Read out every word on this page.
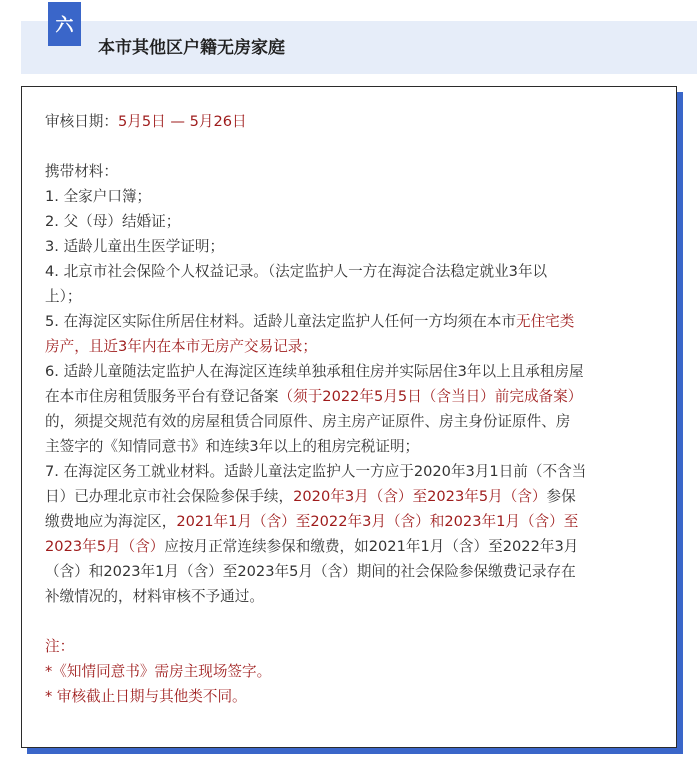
六
本市其他区户籍无房家庭
审核日期：5月5日 — 5月26日
携带材料：
1. 全家户口簿；
2. 父（母）结婚证；
3. 适龄儿童出生医学证明；
4. 北京市社会保险个人权益记录。（法定监护人一方在海淀合法稳定就业3年以
上）；
5. 在海淀区实际住所居住材料。适龄儿童法定监护人任何一方均须在本市无住宅类
房产，且近3年内在本市无房产交易记录；
6. 适龄儿童随法定监护人在海淀区连续单独承租住房并实际居住3年以上且承租房屋
在本市住房租赁服务平台有登记备案（须于2022年5月5日（含当日）前完成备案）
的，须提交规范有效的房屋租赁合同原件、房主房产证原件、房主身份证原件、房
主签字的《知情同意书》和连续3年以上的租房完税证明；
7. 在海淀区务工就业材料。适龄儿童法定监护人一方应于2020年3月1日前（不含当
日）已办理北京市社会保险参保手续，2020年3月（含）至2023年5月（含）参保
缴费地应为海淀区，2021年1月（含）至2022年3月（含）和2023年1月（含）至
2023年5月（含）应按月正常连续参保和缴费，如2021年1月（含）至2022年3月
（含）和2023年1月（含）至2023年5月（含）期间的社会保险参保缴费记录存在
补缴情况的，材料审核不予通过。
注：
*《知情同意书》需房主现场签字。
* 审核截止日期与其他类不同。
